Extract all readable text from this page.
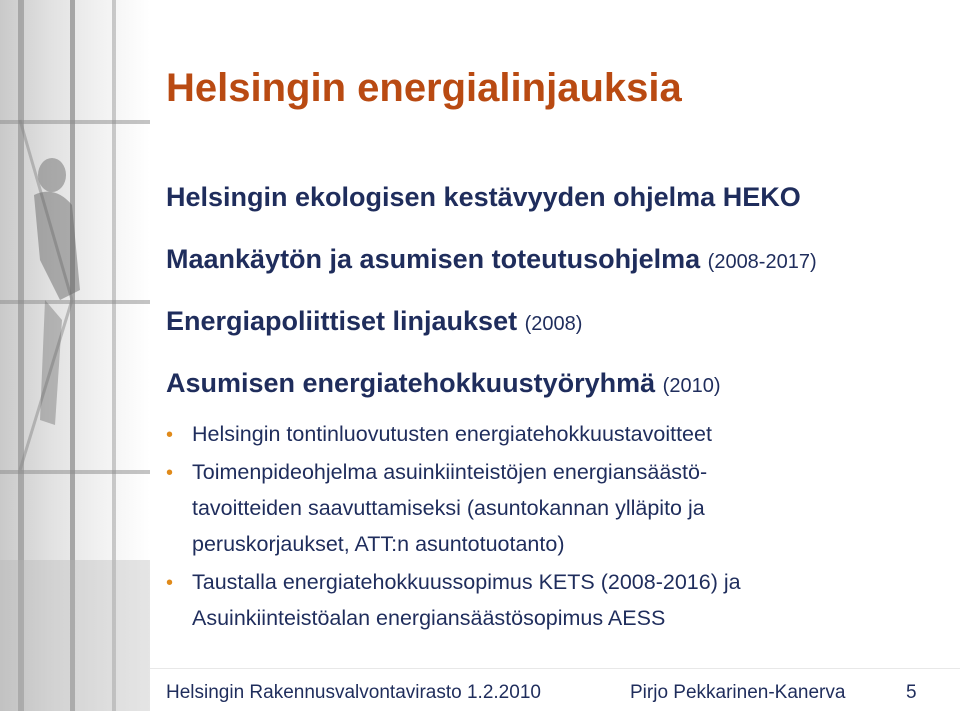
Helsingin energialinjauksia
Helsingin ekologisen kestävyyden ohjelma HEKO
Maankäytön ja asumisen toteutusohjelma (2008-2017)
Energiapoliittiset linjaukset (2008)
Asumisen energiatehokkuustyöryhmä (2010)
• Helsingin tontinluovutusten energiatehokkuustavoitteet
• Toimenpideohjelma asuinkiinteistöjen energiansäästö-
tavoitteiden saavuttamiseksi (asuntokannan ylläpito ja
peruskorjaukset, ATT:n asuntotuotanto)
• Taustalla energiatehokkuussopimus KETS (2008-2016) ja
Asuinkiinteistöalan energiansäästösopimus AESS
Helsingin Rakennusvalvontavirasto 1.2.2010	Pirjo Pekkarinen-Kanerva	5
